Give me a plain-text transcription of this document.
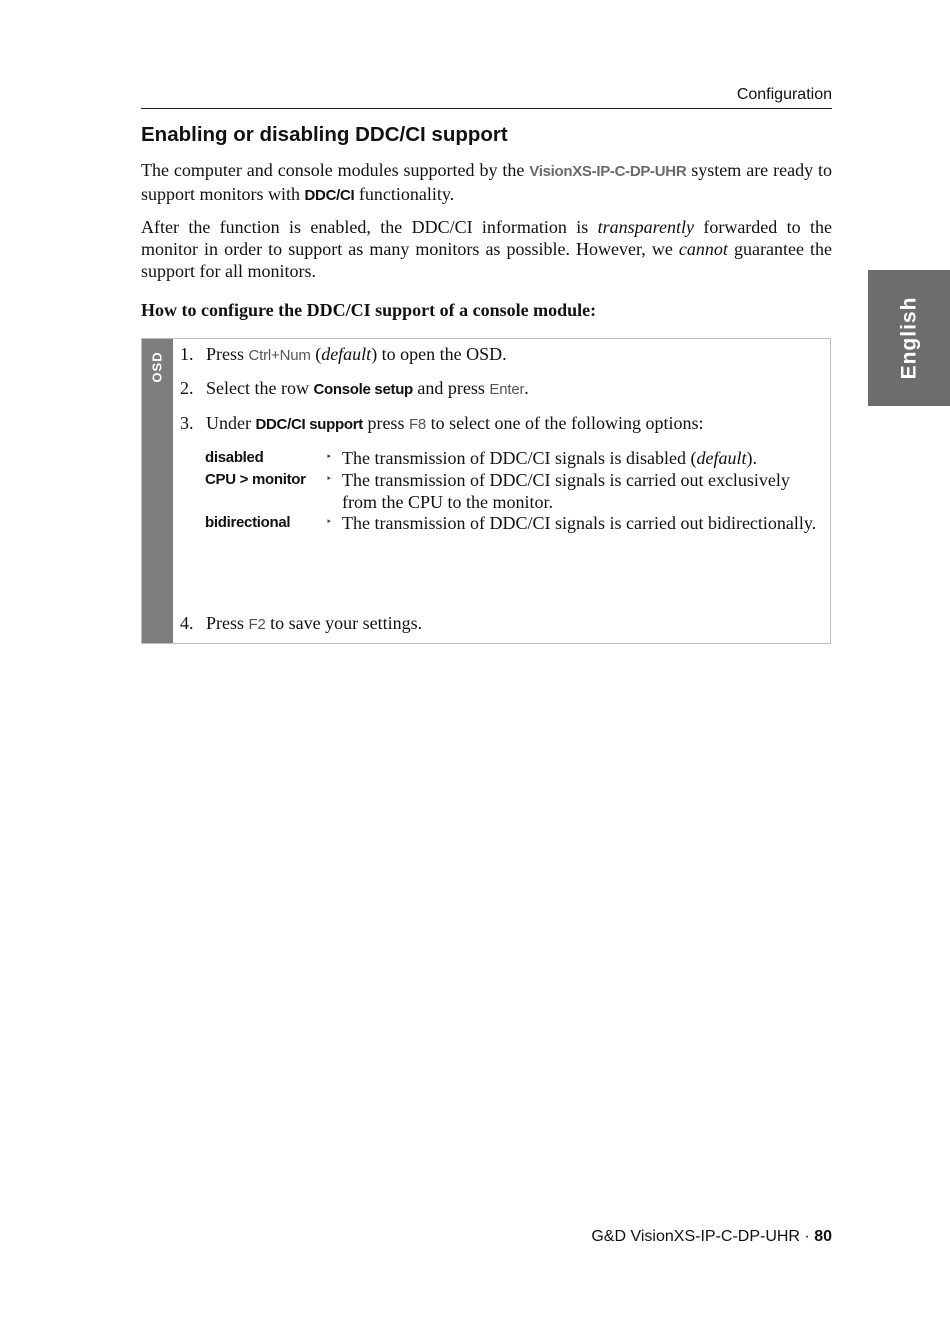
Configuration
English
Enabling or disabling DDC/CI support

The computer and console modules supported by the VisionXS-IP-C-DP-UHR system are ready to support monitors with DDC/CI functionality.

After the function is enabled, the DDC/CI information is transparently forwarded to the monitor in order to support as many monitors as possible. However, we cannot guarantee the support for all monitors.

How to configure the DDC/CI support of a console module:

OSD 1. Press Ctrl+Num (default) to open the OSD.
2. Select the row Console setup and press Enter.
3. Under DDC/CI support press F8 to select one of the following options:
disabled	‣ The transmission of DDC/CI signals is disabled (default).
CPU > monitor ‣ The transmission of DDC/CI signals is carried out exclusively from the CPU to the monitor.
bidirectional	‣ The transmission of DDC/CI signals is carried out bidirectionally.
4. Press F2 to save your settings.
G&D VisionXS-IP-C-DP-UHR · 80
